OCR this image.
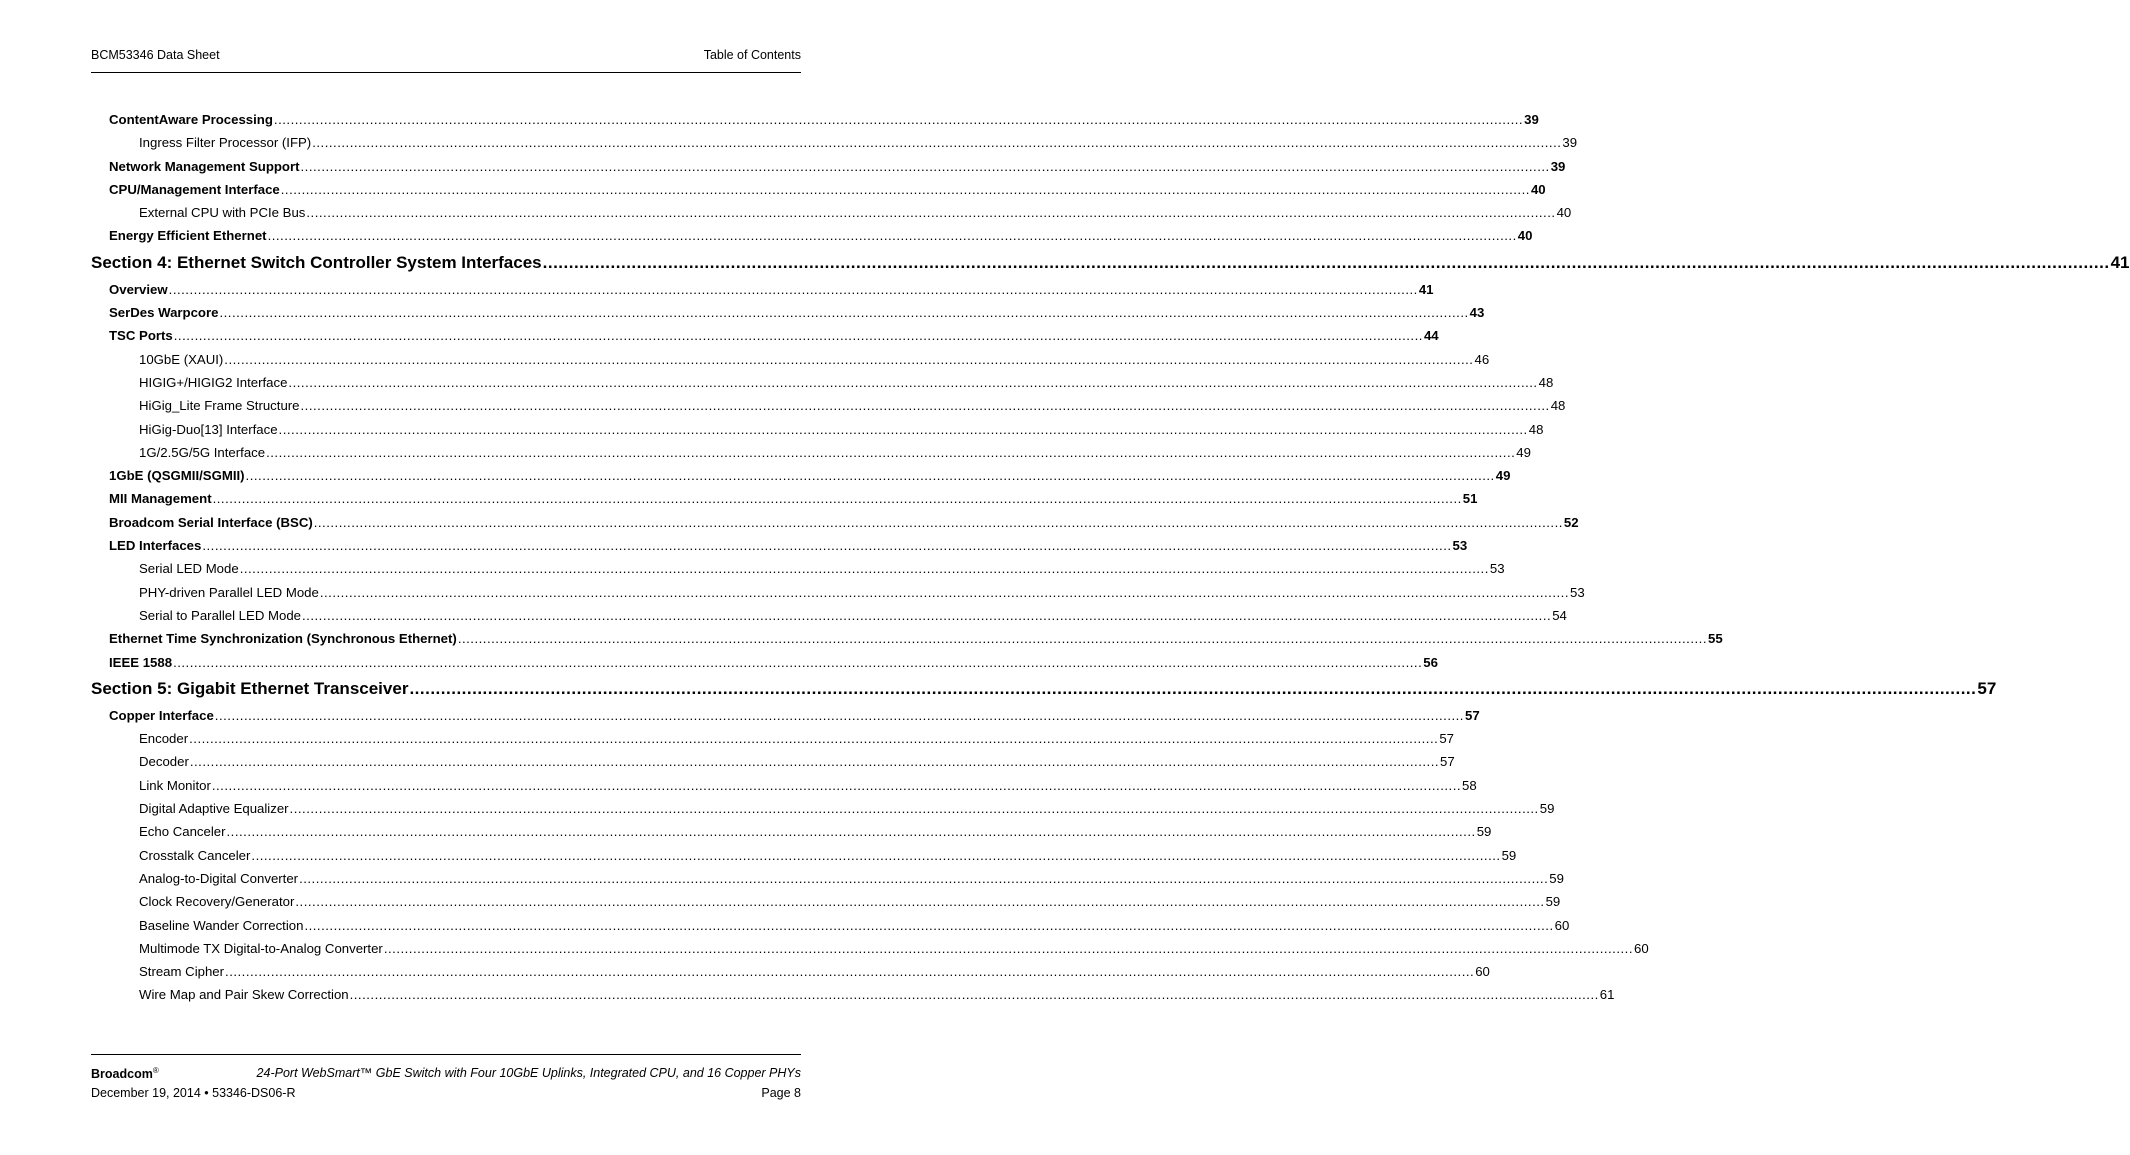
BCM53346 Data Sheet	Table of Contents
ContentAware Processing ............................................................................................................................................................................................................................................................................................................ 39
Ingress Filter Processor (IFP) ............................................................................................................................................................................................................................................................................................................ 39
Network Management Support ............................................................................................................................................................................................................................................................................................................ 39
CPU/Management Interface ............................................................................................................................................................................................................................................................................................................ 40
External CPU with PCIe Bus ............................................................................................................................................................................................................................................................................................................ 40
Energy Efficient Ethernet ............................................................................................................................................................................................................................................................................................................ 40
Section 4: Ethernet Switch Controller System Interfaces ............................................................................................................................................................................................................................................................................................................ 41
Overview ............................................................................................................................................................................................................................................................................................................ 41
SerDes Warpcore ............................................................................................................................................................................................................................................................................................................ 43
TSC Ports ............................................................................................................................................................................................................................................................................................................ 44
10GbE (XAUI) ............................................................................................................................................................................................................................................................................................................ 46
HIGIG+/HIGIG2 Interface ............................................................................................................................................................................................................................................................................................................ 48
HiGig_Lite Frame Structure ............................................................................................................................................................................................................................................................................................................ 48
HiGig-Duo[13] Interface ............................................................................................................................................................................................................................................................................................................ 48
1G/2.5G/5G Interface ............................................................................................................................................................................................................................................................................................................ 49
1GbE (QSGMII/SGMII) ............................................................................................................................................................................................................................................................................................................ 49
MII Management ............................................................................................................................................................................................................................................................................................................ 51
Broadcom Serial Interface (BSC) ............................................................................................................................................................................................................................................................................................................ 52
LED Interfaces ............................................................................................................................................................................................................................................................................................................ 53
Serial LED Mode ............................................................................................................................................................................................................................................................................................................ 53
PHY-driven Parallel LED Mode ............................................................................................................................................................................................................................................................................................................ 53
Serial to Parallel LED Mode ............................................................................................................................................................................................................................................................................................................ 54
Ethernet Time Synchronization (Synchronous Ethernet) ............................................................................................................................................................................................................................................................................................................ 55
IEEE 1588 ............................................................................................................................................................................................................................................................................................................ 56
Section 5: Gigabit Ethernet Transceiver ............................................................................................................................................................................................................................................................................................................ 57
Copper Interface ............................................................................................................................................................................................................................................................................................................ 57
Encoder ............................................................................................................................................................................................................................................................................................................ 57
Decoder ............................................................................................................................................................................................................................................................................................................ 57
Link Monitor ............................................................................................................................................................................................................................................................................................................ 58
Digital Adaptive Equalizer ............................................................................................................................................................................................................................................................................................................ 59
Echo Canceler ............................................................................................................................................................................................................................................................................................................ 59
Crosstalk Canceler ............................................................................................................................................................................................................................................................................................................ 59
Analog-to-Digital Converter ............................................................................................................................................................................................................................................................................................................ 59
Clock Recovery/Generator ............................................................................................................................................................................................................................................................................................................ 59
Baseline Wander Correction ............................................................................................................................................................................................................................................................................................................ 60
Multimode TX Digital-to-Analog Converter ............................................................................................................................................................................................................................................................................................................ 60
Stream Cipher ............................................................................................................................................................................................................................................................................................................ 60
Wire Map and Pair Skew Correction ............................................................................................................................................................................................................................................................................................................ 61
Broadcom®	24-Port WebSmart™ GbE Switch with Four 10GbE Uplinks, Integrated CPU, and 16 Copper PHYs
December 19, 2014 • 53346-DS06-R	Page 8
